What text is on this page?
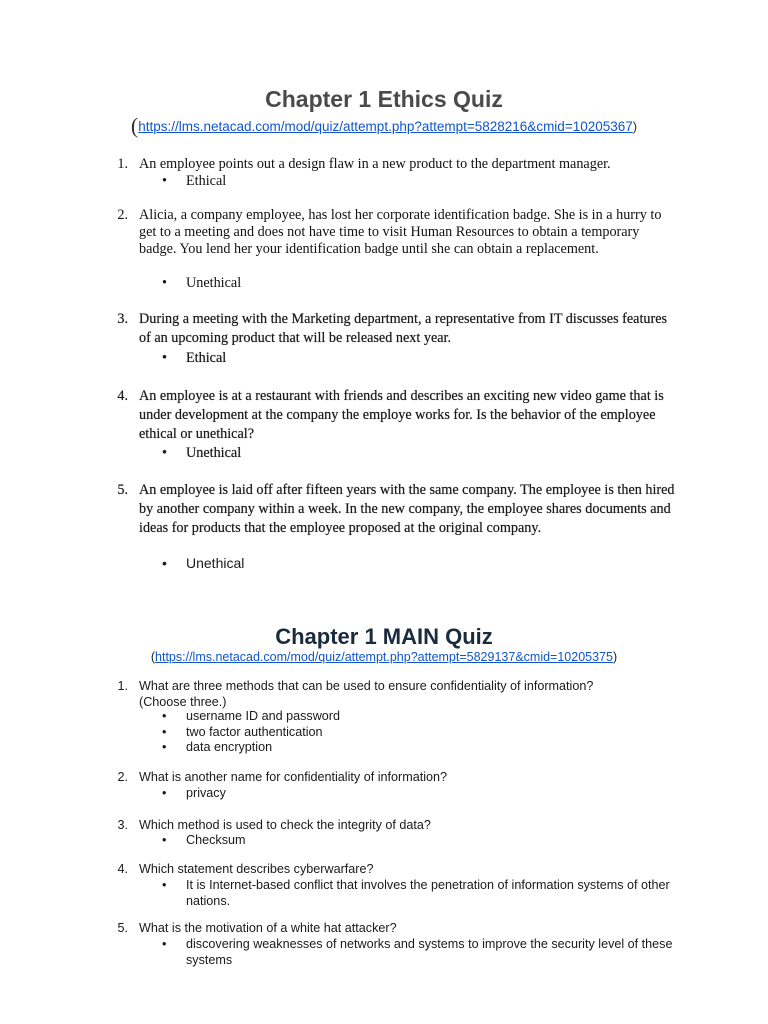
Chapter 1 Ethics Quiz

(https://lms.netacad.com/mod/quiz/attempt.php?attempt=5828216&cmid=10205367)

1. An employee points out a design flaw in a new product to the department manager.
• Ethical
2. Alicia, a company employee, has lost her corporate identification badge. She is in a hurry to get to a meeting and does not have time to visit Human Resources to obtain a temporary badge. You lend her your identification badge until she can obtain a replacement.
• Unethical
3. During a meeting with the Marketing department, a representative from IT discusses features of an upcoming product that will be released next year.
• Ethical
4. An employee is at a restaurant with friends and describes an exciting new video game that is under development at the company the employe works for. Is the behavior of the employee ethical or unethical?
• Unethical
5. An employee is laid off after fifteen years with the same company. The employee is then hired by another company within a week. In the new company, the employee shares documents and ideas for products that the employee proposed at the original company.
• Unethical
Chapter 1 MAIN Quiz

(https://lms.netacad.com/mod/quiz/attempt.php?attempt=5829137&cmid=10205375)

1. What are three methods that can be used to ensure confidentiality of information? (Choose three.)
• username ID and password
• two factor authentication
• data encryption
2. What is another name for confidentiality of information?
• privacy
3. Which method is used to check the integrity of data?
• Checksum
4. Which statement describes cyberwarfare?
• It is Internet-based conflict that involves the penetration of information systems of other nations.
5. What is the motivation of a white hat attacker?
• discovering weaknesses of networks and systems to improve the security level of these systems
